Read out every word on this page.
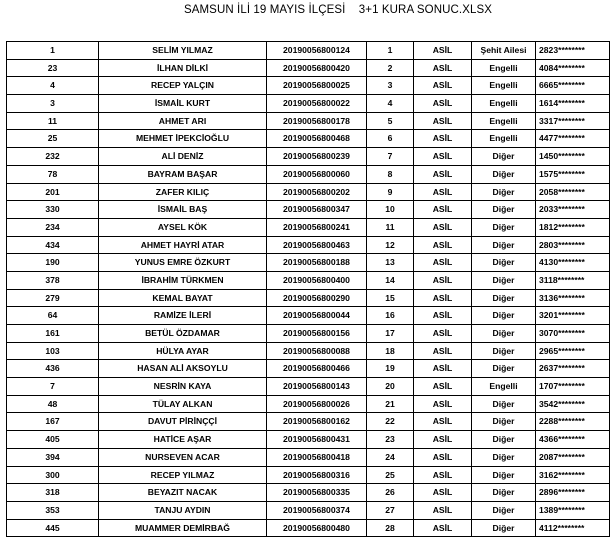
SAMSUN İLİ 19 MAYIS İLÇESİ 3+1 KURA SONUC.XLSX
1	SELİM YILMAZ	20190056800124	1	ASİL	Şehit Ailesi	2823********
23	İLHAN DİLKİ	20190056800420	2	ASİL	Engelli	4084********
4	RECEP YALÇIN	20190056800025	3	ASİL	Engelli	6665********
3	İSMAİL KURT	20190056800022	4	ASİL	Engelli	1614********
11	AHMET ARI	20190056800178	5	ASİL	Engelli	3317********
25	MEHMET İPEKCİOĞLU	20190056800468	6	ASİL	Engelli	4477********
232	ALİ DENİZ	20190056800239	7	ASİL	Diğer	1450********
78	BAYRAM BAŞAR	20190056800060	8	ASİL	Diğer	1575********
201	ZAFER KILIÇ	20190056800202	9	ASİL	Diğer	2058********
330	İSMAİL BAŞ	20190056800347	10	ASİL	Diğer	2033********
234	AYSEL KÖK	20190056800241	11	ASİL	Diğer	1812********
434	AHMET HAYRİ ATAR	20190056800463	12	ASİL	Diğer	2803********
190	YUNUS EMRE ÖZKURT	20190056800188	13	ASİL	Diğer	4130********
378	İBRAHİM TÜRKMEN	20190056800400	14	ASİL	Diğer	3118********
279	KEMAL BAYAT	20190056800290	15	ASİL	Diğer	3136********
64	RAMİZE İLERİ	20190056800044	16	ASİL	Diğer	3201********
161	BETÜL ÖZDAMAR	20190056800156	17	ASİL	Diğer	3070********
103	HÜLYA AYAR	20190056800088	18	ASİL	Diğer	2965********
436	HASAN ALİ AKSOYLU	20190056800466	19	ASİL	Diğer	2637********
7	NESRİN KAYA	20190056800143	20	ASİL	Engelli	1707********
48	TÜLAY ALKAN	20190056800026	21	ASİL	Diğer	3542********
167	DAVUT PİRİNÇÇİ	20190056800162	22	ASİL	Diğer	2288********
405	HATİCE AŞAR	20190056800431	23	ASİL	Diğer	4366********
394	NURSEVEN ACAR	20190056800418	24	ASİL	Diğer	2087********
300	RECEP YILMAZ	20190056800316	25	ASİL	Diğer	3162********
318	BEYAZIT NACAK	20190056800335	26	ASİL	Diğer	2896********
353	TANJU AYDIN	20190056800374	27	ASİL	Diğer	1389********
445	MUAMMER DEMİRBAĞ	20190056800480	28	ASİL	Diğer	4112********
